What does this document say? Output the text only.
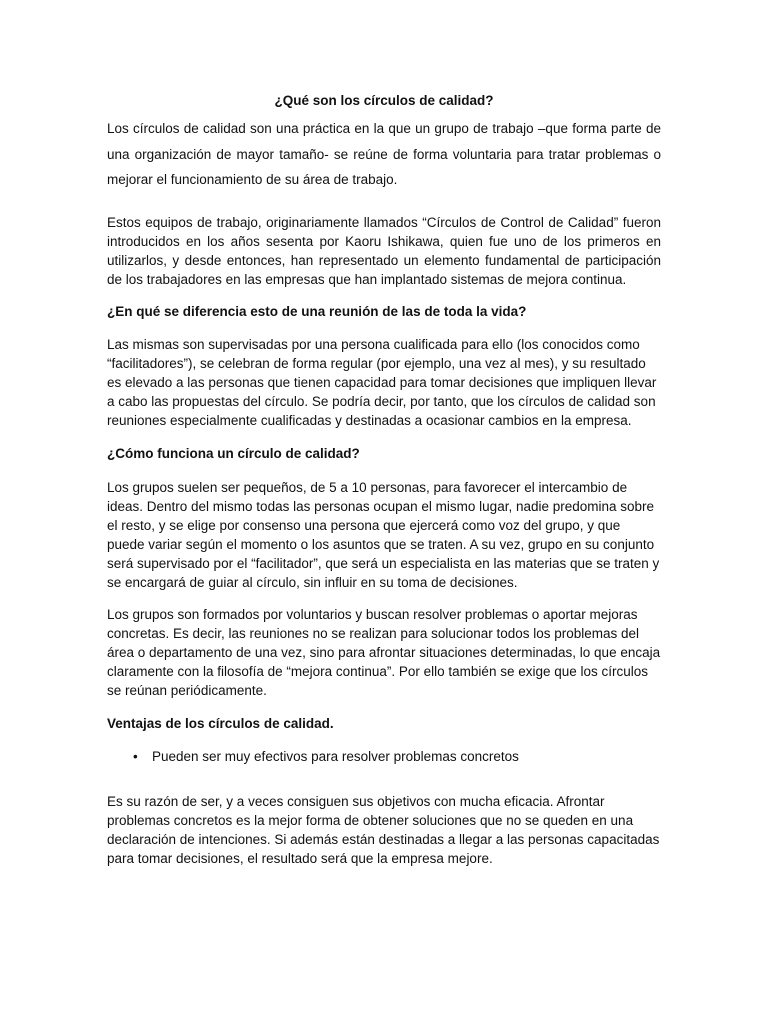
¿Qué son los círculos de calidad?

Los círculos de calidad son una práctica en la que un grupo de trabajo –que forma parte de una organización de mayor tamaño- se reúne de forma voluntaria para tratar problemas o mejorar el funcionamiento de su área de trabajo.

Estos equipos de trabajo, originariamente llamados “Círculos de Control de Calidad” fueron introducidos en los años sesenta por Kaoru Ishikawa, quien fue uno de los primeros en utilizarlos, y desde entonces, han representado un elemento fundamental de participación de los trabajadores en las empresas que han implantado sistemas de mejora continua.

¿En qué se diferencia esto de una reunión de las de toda la vida?

Las mismas son supervisadas por una persona cualificada para ello (los conocidos como “facilitadores”), se celebran de forma regular (por ejemplo, una vez al mes), y su resultado es elevado a las personas que tienen capacidad para tomar decisiones que impliquen llevar a cabo las propuestas del círculo. Se podría decir, por tanto, que los círculos de calidad son reuniones especialmente cualificadas y destinadas a ocasionar cambios en la empresa.

¿Cómo funciona un círculo de calidad?

Los grupos suelen ser pequeños, de 5 a 10 personas, para favorecer el intercambio de ideas. Dentro del mismo todas las personas ocupan el mismo lugar, nadie predomina sobre el resto, y se elige por consenso una persona que ejercerá como voz del grupo, y que puede variar según el momento o los asuntos que se traten. A su vez, grupo en su conjunto será supervisado por el “facilitador”, que será un especialista en las materias que se traten y se encargará de guiar al círculo, sin influir en su toma de decisiones.

Los grupos son formados por voluntarios y buscan resolver problemas o aportar mejoras concretas. Es decir, las reuniones no se realizan para solucionar todos los problemas del área o departamento de una vez, sino para afrontar situaciones determinadas, lo que encaja claramente con la filosofía de “mejora continua”. Por ello también se exige que los círculos se reúnan periódicamente.

Ventajas de los círculos de calidad.
• Pueden ser muy efectivos para resolver problemas concretos

Es su razón de ser, y a veces consiguen sus objetivos con mucha eficacia. Afrontar problemas concretos es la mejor forma de obtener soluciones que no se queden en una declaración de intenciones. Si además están destinadas a llegar a las personas capacitadas para tomar decisiones, el resultado será que la empresa mejore.
